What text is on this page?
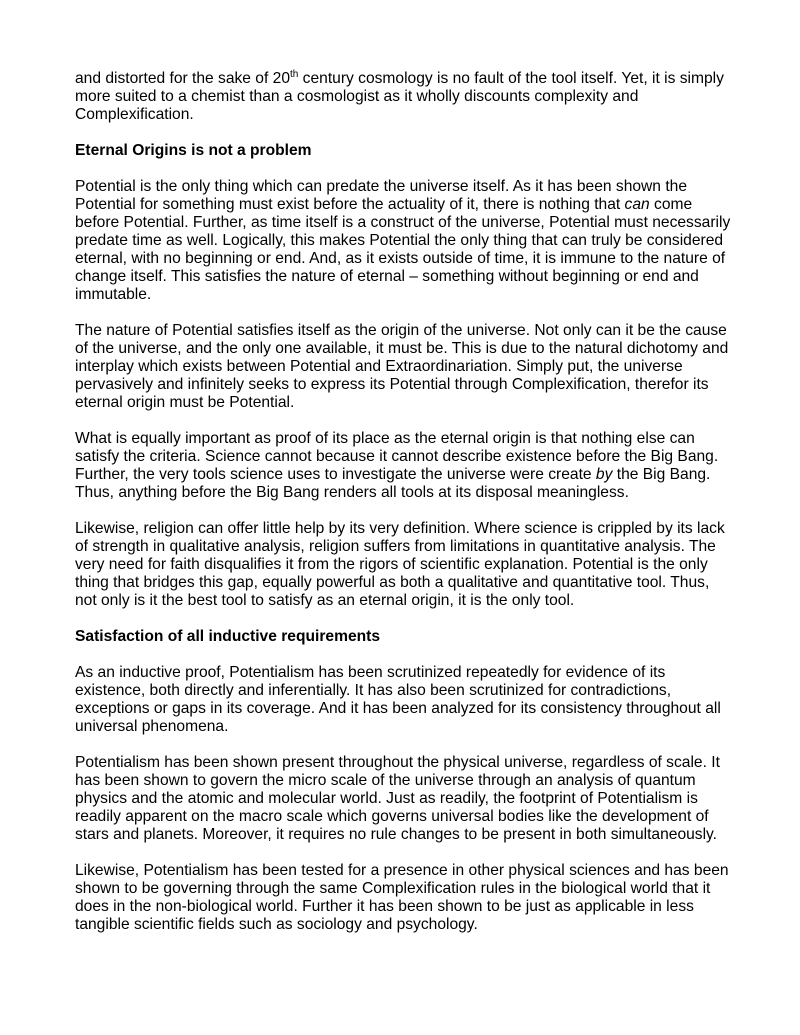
and distorted for the sake of 20th century cosmology is no fault of the tool itself. Yet, it is simply more suited to a chemist than a cosmologist as it wholly discounts complexity and Complexification.

Eternal Origins is not a problem

Potential is the only thing which can predate the universe itself. As it has been shown the Potential for something must exist before the actuality of it, there is nothing that can come before Potential. Further, as time itself is a construct of the universe, Potential must necessarily predate time as well. Logically, this makes Potential the only thing that can truly be considered eternal, with no beginning or end. And, as it exists outside of time, it is immune to the nature of change itself. This satisfies the nature of eternal – something without beginning or end and immutable.

The nature of Potential satisfies itself as the origin of the universe. Not only can it be the cause of the universe, and the only one available, it must be. This is due to the natural dichotomy and interplay which exists between Potential and Extraordinariation. Simply put, the universe pervasively and infinitely seeks to express its Potential through Complexification, therefor its eternal origin must be Potential.

What is equally important as proof of its place as the eternal origin is that nothing else can satisfy the criteria. Science cannot because it cannot describe existence before the Big Bang. Further, the very tools science uses to investigate the universe were create by the Big Bang. Thus, anything before the Big Bang renders all tools at its disposal meaningless.

Likewise, religion can offer little help by its very definition. Where science is crippled by its lack of strength in qualitative analysis, religion suffers from limitations in quantitative analysis. The very need for faith disqualifies it from the rigors of scientific explanation. Potential is the only thing that bridges this gap, equally powerful as both a qualitative and quantitative tool. Thus, not only is it the best tool to satisfy as an eternal origin, it is the only tool.

Satisfaction of all inductive requirements

As an inductive proof, Potentialism has been scrutinized repeatedly for evidence of its existence, both directly and inferentially. It has also been scrutinized for contradictions, exceptions or gaps in its coverage. And it has been analyzed for its consistency throughout all universal phenomena.

Potentialism has been shown present throughout the physical universe, regardless of scale. It has been shown to govern the micro scale of the universe through an analysis of quantum physics and the atomic and molecular world. Just as readily, the footprint of Potentialism is readily apparent on the macro scale which governs universal bodies like the development of stars and planets. Moreover, it requires no rule changes to be present in both simultaneously.

Likewise, Potentialism has been tested for a presence in other physical sciences and has been shown to be governing through the same Complexification rules in the biological world that it does in the non-biological world. Further it has been shown to be just as applicable in less tangible scientific fields such as sociology and psychology.
